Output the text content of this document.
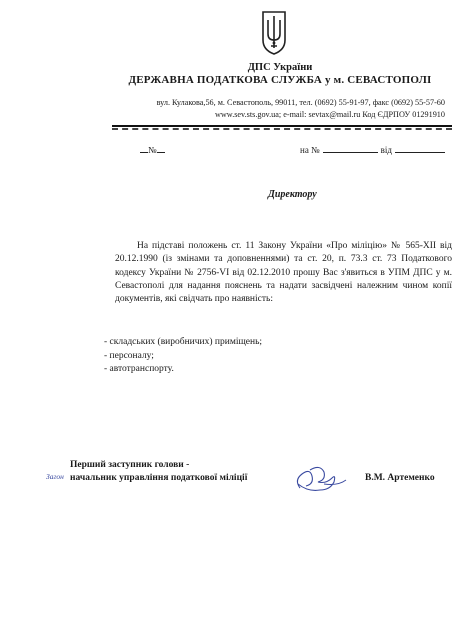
ДПС України
ДЕРЖАВНА ПОДАТКОВА СЛУЖБА у м. СЕВАСТОПОЛІ
вул. Кулакова,56, м. Севастополь, 99011, тел. (0692) 55-91-97, факс (0692) 55-57-60
www.sev.sts.gov.ua; e-mail: sevtax@mail.ru Код ЄДРПОУ 01291910
№	на №	від
Директору
На підставі положень ст. 11 Закону України «Про міліцію» № 565-XII від 20.12.1990 (із змінами та доповненнями) та ст. 20, п. 73.3 ст. 73 Податкового кодексу України № 2756-VI від 02.12.2010 прошу Вас з'явиться в УПМ ДПС у м. Севастополі для надання пояснень та надати засвідчені належним чином копії документів, які свідчать про наявність:
- складських (виробничих) приміщень;
- персоналу;
- автотранспорту.
Перший заступник голови -
начальник управління податкової міліції
Загон	В.М. Артеменко
